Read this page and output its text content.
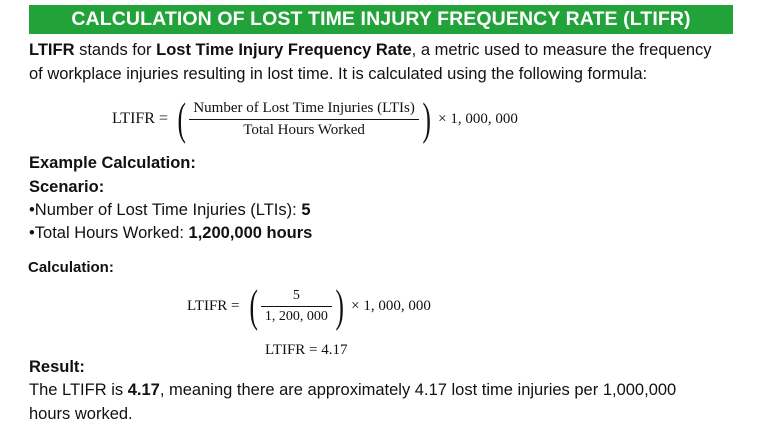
CALCULATION OF LOST TIME INJURY FREQUENCY RATE (LTIFR)
LTIFR stands for Lost Time Injury Frequency Rate, a metric used to measure the frequency
of workplace injuries resulting in lost time. It is calculated using the following formula:
LTIFR = ( $\frac{\text{Number of Lost Time Injuries (LTIs)}}{\text{Total Hours Worked}}$ ) × 1, 000, 000
Example Calculation:
Scenario:
•Number of Lost Time Injuries (LTIs): 5
•Total Hours Worked: 1,200,000 hours
Calculation:
LTIFR = ( $\frac{5}{1, 200, 000}$ ) × 1, 000, 000
LTIFR = 4.17
Result:
The LTIFR is 4.17, meaning there are approximately 4.17 lost time injuries per 1,000,000
hours worked.
